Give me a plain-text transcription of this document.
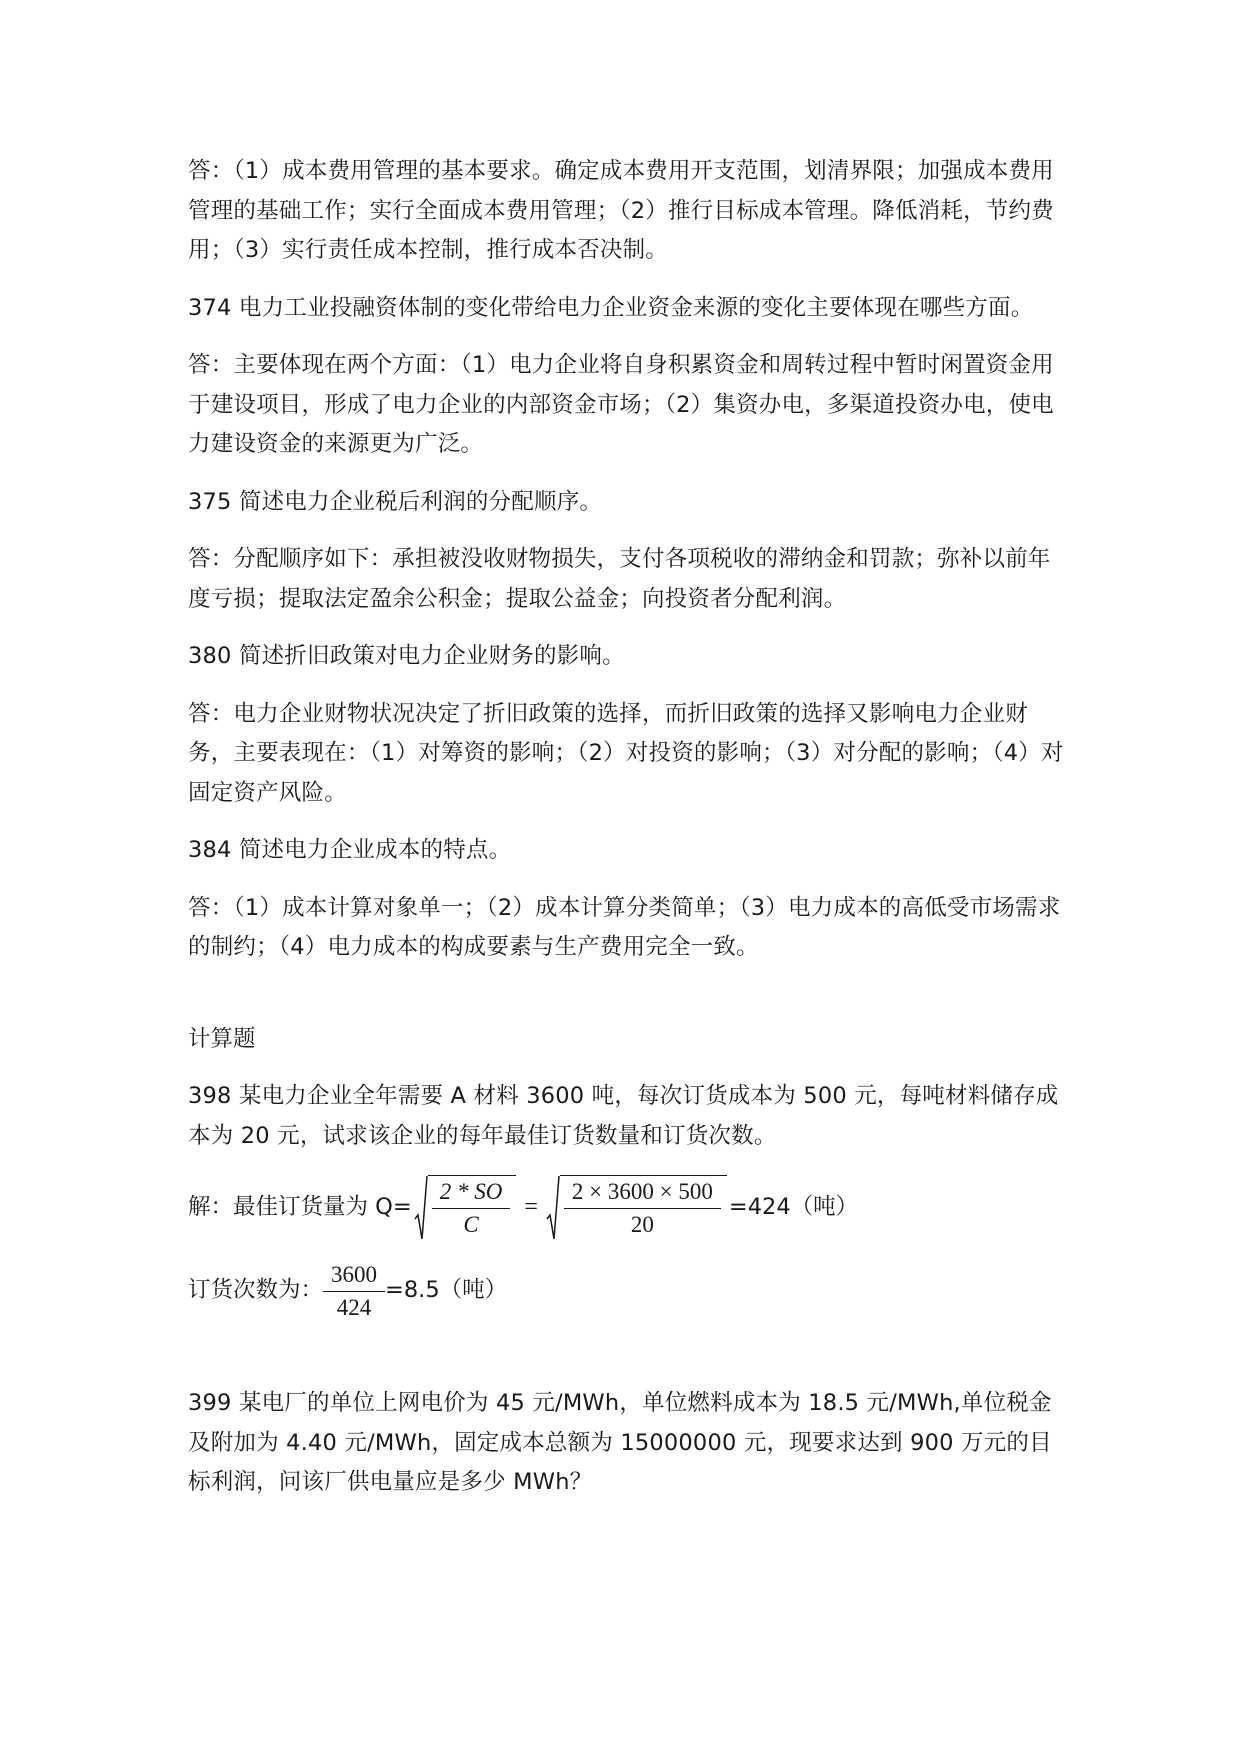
答：（1）成本费用管理的基本要求。确定成本费用开支范围，划清界限；加强成本费用管理的基础工作；实行全面成本费用管理；（2）推行目标成本管理。降低消耗，节约费用；（3）实行责任成本控制，推行成本否决制。

374 电力工业投融资体制的变化带给电力企业资金来源的变化主要体现在哪些方面。

答：主要体现在两个方面：（1）电力企业将自身积累资金和周转过程中暂时闲置资金用于建设项目，形成了电力企业的内部资金市场；（2）集资办电，多渠道投资办电，使电力建设资金的来源更为广泛。

375 简述电力企业税后利润的分配顺序。

答：分配顺序如下：承担被没收财物损失，支付各项税收的滞纳金和罚款；弥补以前年度亏损；提取法定盈余公积金；提取公益金；向投资者分配利润。

380 简述折旧政策对电力企业财务的影响。

答：电力企业财物状况决定了折旧政策的选择，而折旧政策的选择又影响电力企业财务，主要表现在：（1）对筹资的影响；（2）对投资的影响；（3）对分配的影响；（4）对固定资产风险。

384 简述电力企业成本的特点。

答：（1）成本计算对象单一；（2）成本计算分类简单；（3）电力成本的高低受市场需求的制约；（4）电力成本的构成要素与生产费用完全一致。

计算题

398 某电力企业全年需要 A 材料 3600 吨，每次订货成本为 500 元，每吨材料储存成本为 20 元，试求该企业的每年最佳订货数量和订货次数。

解：最佳订货量为 $Q= \frac{2 * SO}{C} = \frac{2 \times 3600 \times 500}{20} =424$（吨）
订货次数为： $\frac{3600}{424} =8.5$（吨）

399 某电厂的单位上网电价为 45 元/MWh，单位燃料成本为 18.5 元/MWh,单位税金及附加为 4.40 元/MWh，固定成本总额为 15000000 元，现要求达到 900 万元的目标利润，问该厂供电量应是多少 MWh？
